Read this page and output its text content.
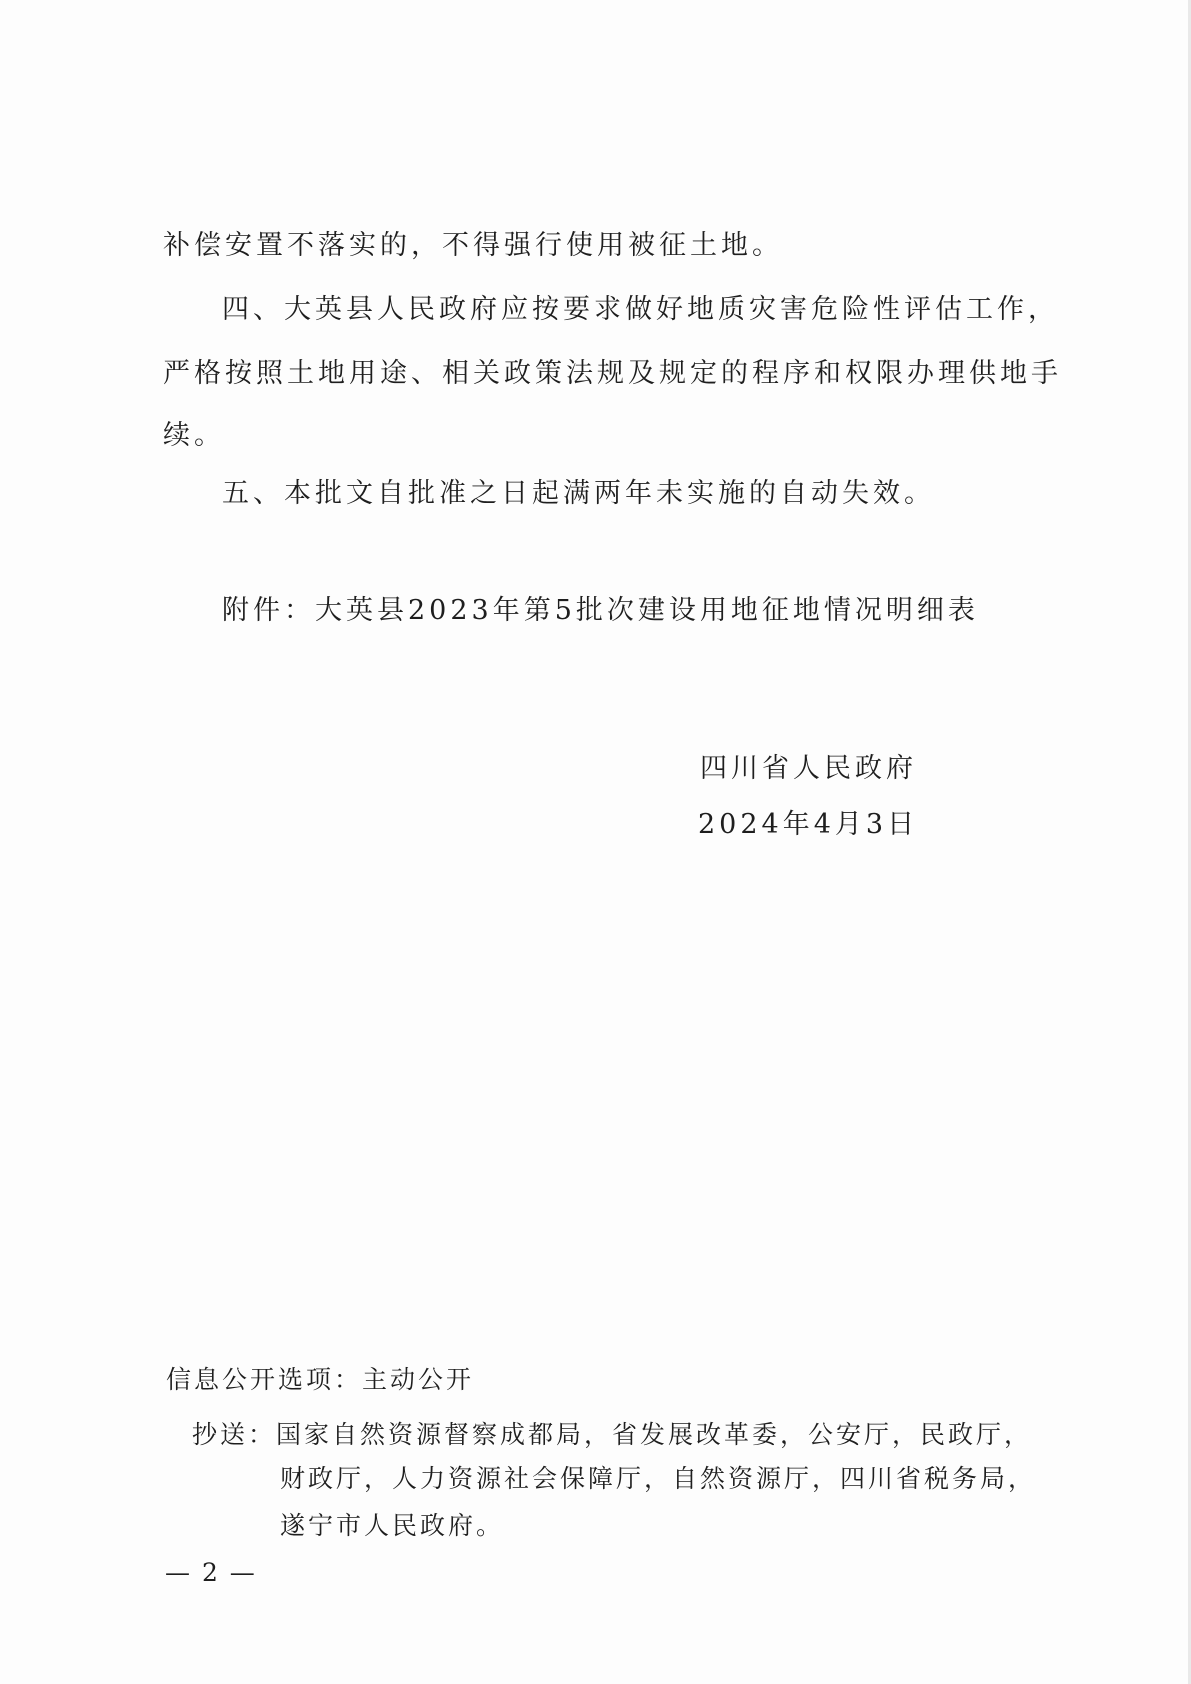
补偿安置不落实的，不得强行使用被征土地。
四、大英县人民政府应按要求做好地质灾害危险性评估工作，
严格按照土地用途、相关政策法规及规定的程序和权限办理供地手
续。
五、本批文自批准之日起满两年未实施的自动失效。
附件：大英县2023年第5批次建设用地征地情况明细表
四川省人民政府
2024年4月3日
信息公开选项：主动公开
抄送：国家自然资源督察成都局，省发展改革委，公安厅，民政厅，
财政厅，人力资源社会保障厅，自然资源厅，四川省税务局，
遂宁市人民政府。
— 2 —
